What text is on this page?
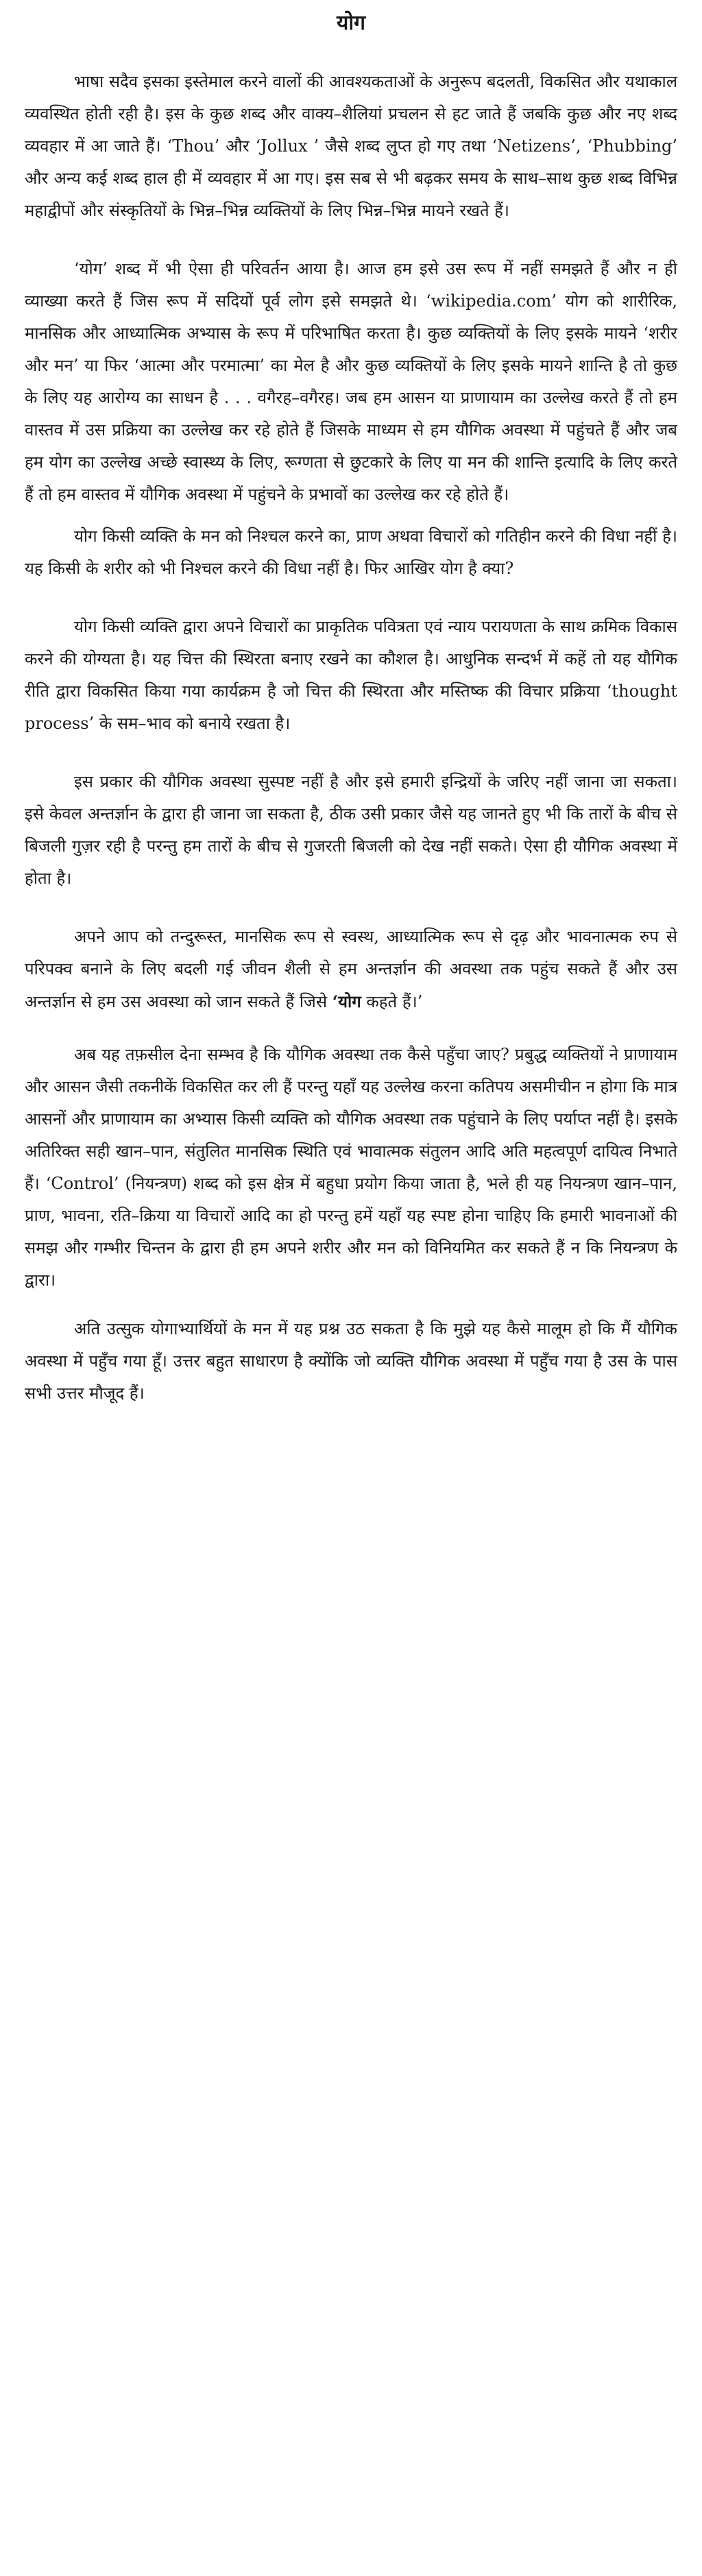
योग

भाषा सदैव इसका इस्तेमाल करने वालों की आवश्यकताओं के अनुरूप बदलती, विकसित और यथाकाल व्यवस्थित होती रही है। इस के कुछ शब्द और वाक्य–शैलियां प्रचलन से हट जाते हैं जबकि कुछ और नए शब्द व्यवहार में आ जाते हैं। ‘Thou’ और ‘Jollux ’ जैसे शब्द लुप्त हो गए तथा ‘Netizens’, ‘Phubbing’ और अन्य कई शब्द हाल ही में व्यवहार में आ गए। इस सब से भी बढ़कर समय के साथ–साथ कुछ शब्द विभिन्न महाद्वीपों और संस्कृतियों के भिन्न–भिन्न व्यक्तियों के लिए भिन्न–भिन्न मायने रखते हैं।

‘योग’ शब्द में भी ऐसा ही परिवर्तन आया है। आज हम इसे उस रूप में नहीं समझते हैं और न ही व्याख्या करते हैं जिस रूप में सदियों पूर्व लोग इसे समझते थे। ‘wikipedia.com’ योग को शारीरिक, मानसिक और आध्यात्मिक अभ्यास के रूप में परिभाषित करता है। कुछ व्यक्तियों के लिए इसके मायने ‘शरीर और मन’ या फिर ‘आत्मा और परमात्मा’ का मेल है और कुछ व्यक्तियों के लिए इसके मायने शान्ति है तो कुछ के लिए यह आरोग्य का साधन है . . . वगैरह–वगैरह। जब हम आसन या प्राणायाम का उल्लेख करते हैं तो हम वास्तव में उस प्रक्रिया का उल्लेख कर रहे होते हैं जिसके माध्यम से हम यौगिक अवस्था में पहुंचते हैं और जब हम योग का उल्लेख अच्छे स्वास्थ्य के लिए, रूग्णता से छुटकारे के लिए या मन की शान्ति इत्यादि के लिए करते हैं तो हम वास्तव में यौगिक अवस्था में पहुंचने के प्रभावों का उल्लेख कर रहे होते हैं।

योग किसी व्यक्ति के मन को निश्चल करने का, प्राण अथवा विचारों को गतिहीन करने की विधा नहीं है। यह किसी के शरीर को भी निश्चल करने की विधा नहीं है। फिर आखिर योग है क्या?

योग किसी व्यक्ति द्वारा अपने विचारों का प्राकृतिक पवित्रता एवं न्याय परायणता के साथ क्रमिक विकास करने की योग्यता है। यह चित्त की स्थिरता बनाए रखने का कौशल है। आधुनिक सन्दर्भ में कहें तो यह यौगिक रीति द्वारा विकसित किया गया कार्यक्रम है जो चित्त की स्थिरता और मस्तिष्क की विचार प्रक्रिया ‘thought process’ के सम–भाव को बनाये रखता है।

इस प्रकार की यौगिक अवस्था सुस्पष्ट नहीं है और इसे हमारी इन्द्रियों के जरिए नहीं जाना जा सकता। इसे केवल अन्तर्ज्ञान के द्वारा ही जाना जा सकता है, ठीक उसी प्रकार जैसे यह जानते हुए भी कि तारों के बीच से बिजली गुज़र रही है परन्तु हम तारों के बीच से गुजरती बिजली को देख नहीं सकते। ऐसा ही यौगिक अवस्था में होता है।

अपने आप को तन्दुरूस्त, मानसिक रूप से स्वस्थ, आध्यात्मिक रूप से दृढ़ और भावनात्मक रुप से परिपक्व बनाने के लिए बदली गई जीवन शैली से हम अन्तर्ज्ञान की अवस्था तक पहुंच सकते हैं और उस अन्तर्ज्ञान से हम उस अवस्था को जान सकते हैं जिसे ‘योग कहते हैं।’

अब यह तफ़सील देना सम्भव है कि यौगिक अवस्था तक कैसे पहुँचा जाए? प्रबुद्ध व्यक्तियों ने प्राणायाम और आसन जैसी तकनीकें विकसित कर ली हैं परन्तु यहाँ यह उल्लेख करना कतिपय असमीचीन न होगा कि मात्र आसनों और प्राणायाम का अभ्यास किसी व्यक्ति को यौगिक अवस्था तक पहुंचाने के लिए पर्याप्त नहीं है। इसके अतिरिक्त सही खान–पान, संतुलित मानसिक स्थिति एवं भावात्मक संतुलन आदि अति महत्वपूर्ण दायित्व निभाते हैं। ‘Control’ (नियन्त्रण) शब्द को इस क्षेत्र में बहुधा प्रयोग किया जाता है, भले ही यह नियन्त्रण खान–पान, प्राण, भावना, रति–क्रिया या विचारों आदि का हो परन्तु हमें यहाँ यह स्पष्ट होना चाहिए कि हमारी भावनाओं की समझ और गम्भीर चिन्तन के द्वारा ही हम अपने शरीर और मन को विनियमित कर सकते हैं न कि नियन्त्रण के द्वारा।

अति उत्सुक योगाभ्यार्थियों के मन में यह प्रश्न उठ सकता है कि मुझे यह कैसे मालूम हो कि मैं यौगिक अवस्था में पहुँच गया हूँ। उत्तर बहुत साधारण है क्योंकि जो व्यक्ति यौगिक अवस्था में पहुँच गया है उस के पास सभी उत्तर मौजूद हैं।
